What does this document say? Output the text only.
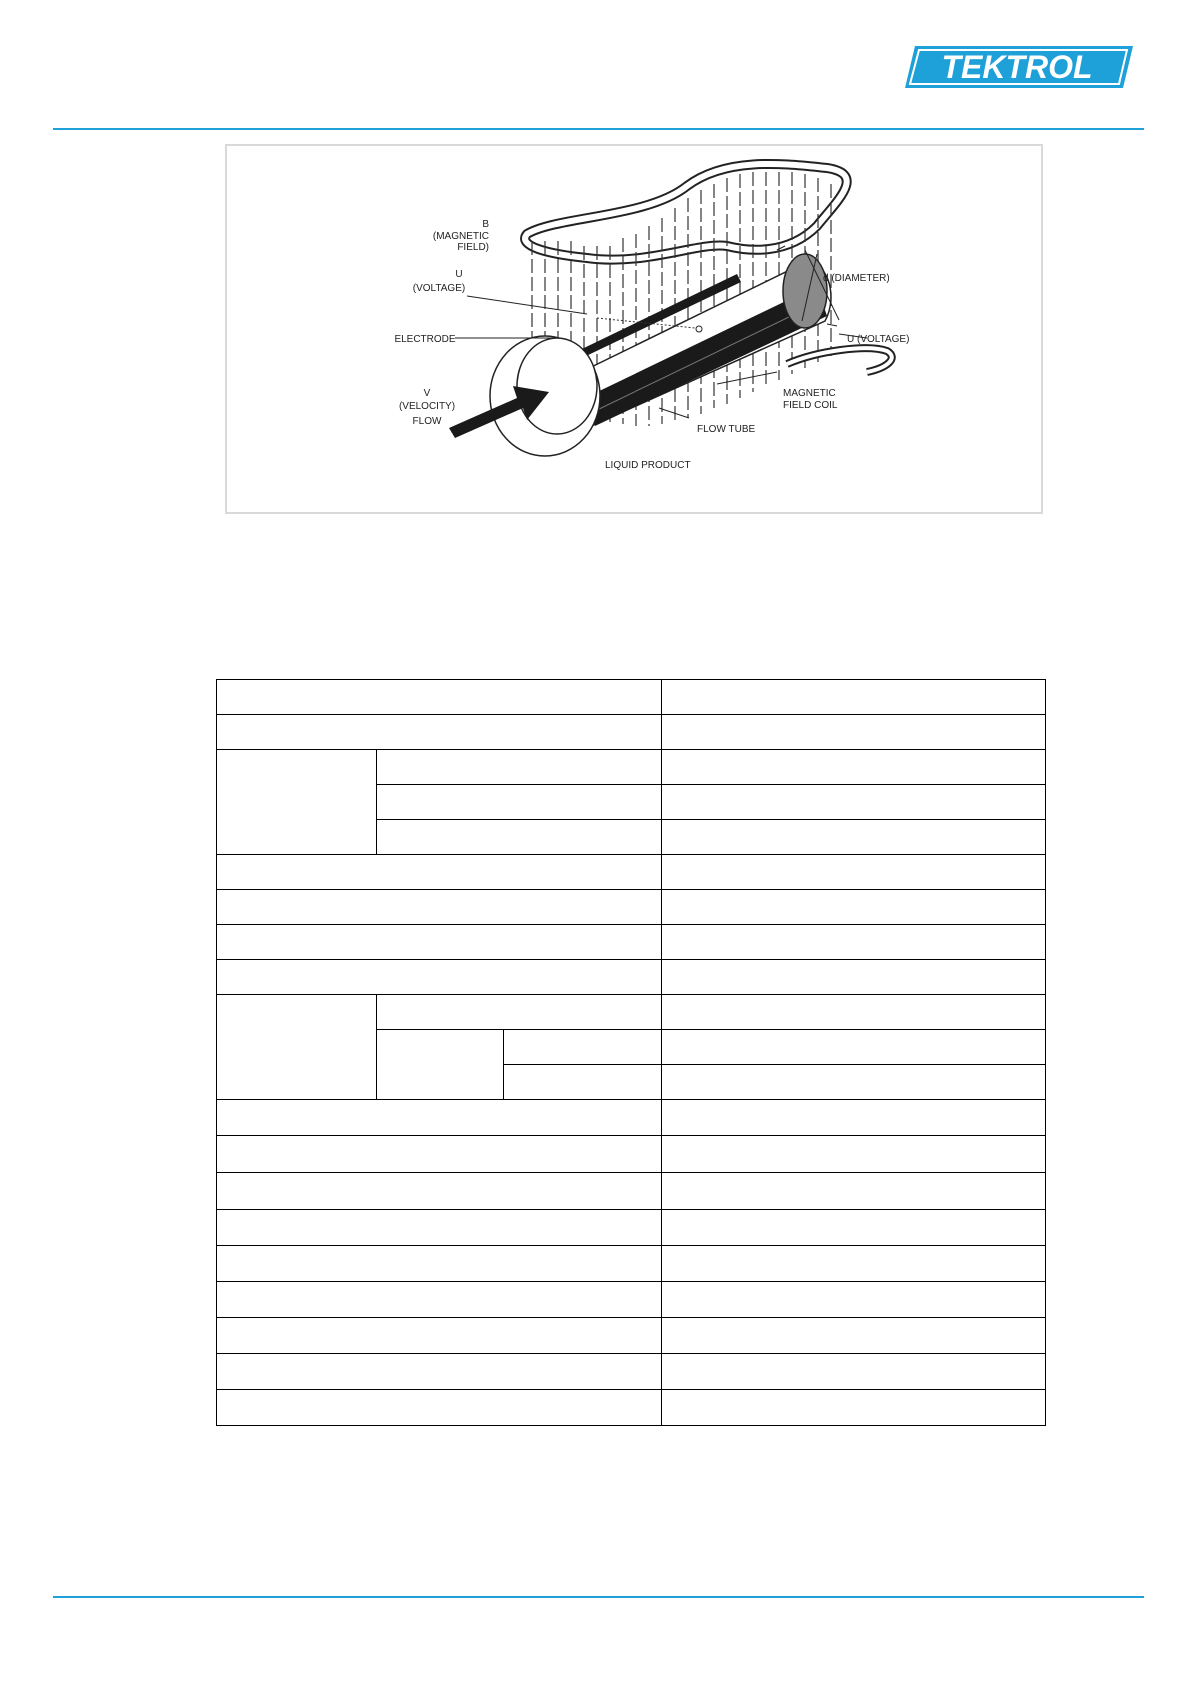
TEKTROL
B
(MAGNETIC
FIELD)
U
(VOLTAGE)
ELECTRODE
V
(VELOCITY)
FLOW
d (DIAMETER)
U (VOLTAGE)
MAGNETIC
FIELD COIL
FLOW TUBE
LIQUID PRODUCT
